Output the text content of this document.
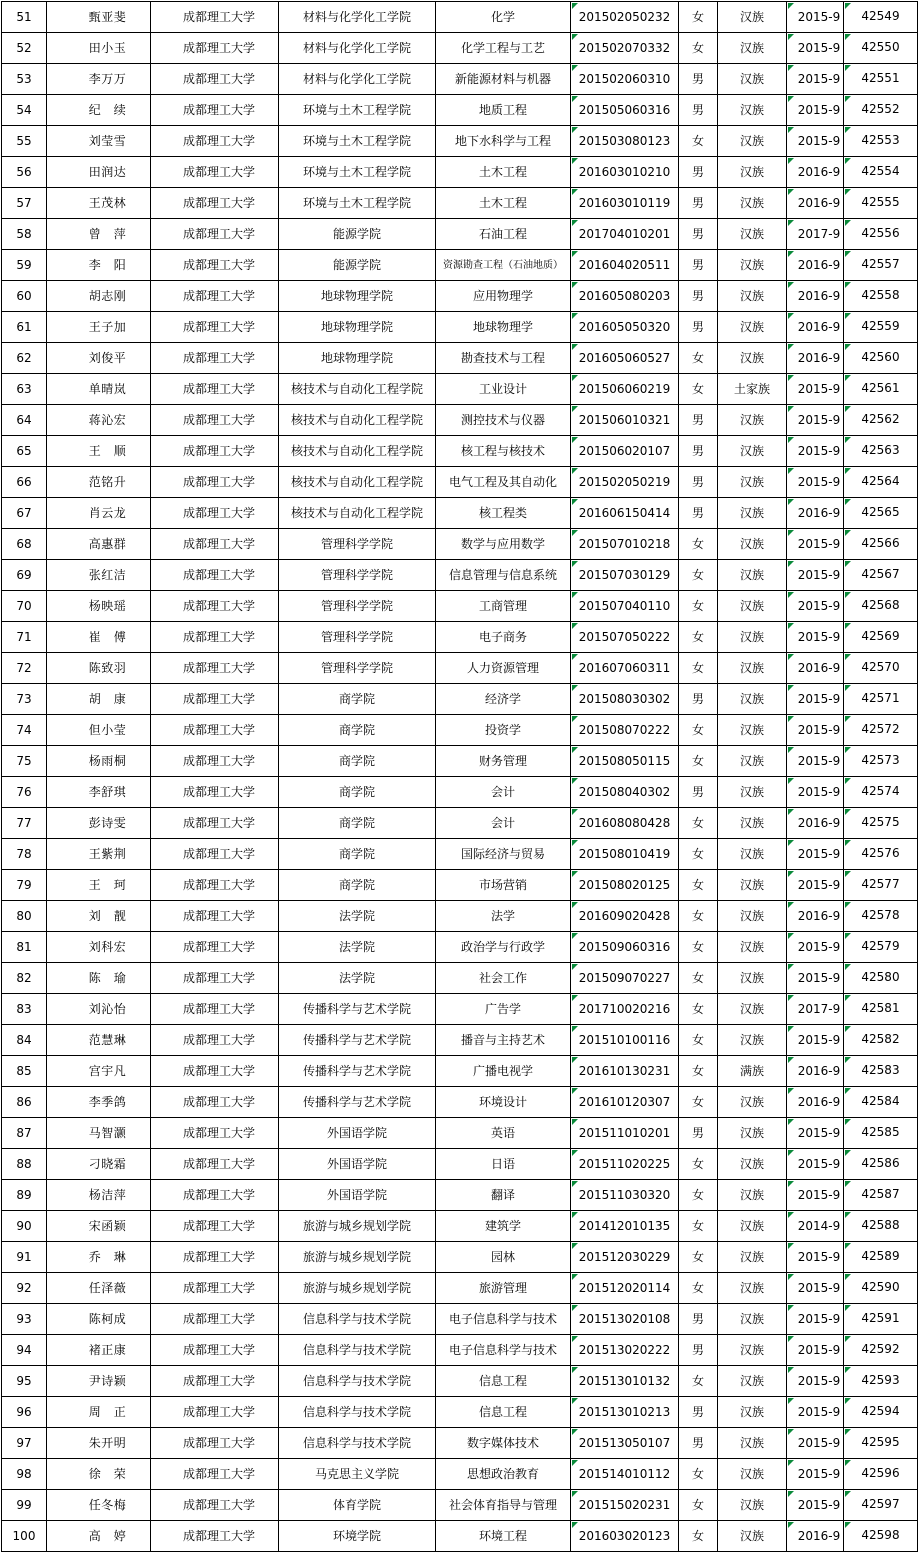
51	甄亚斐	成都理工大学	材料与化学化工学院	化学	201502050232	女	汉族	2015-9	42549

52	田小玉	成都理工大学	材料与化学化工学院	化学工程与工艺	201502070332	女	汉族	2015-9	42550

53	李万万	成都理工大学	材料与化学化工学院	新能源材料与机器	201502060310	男	汉族	2015-9	42551

54	纪　续	成都理工大学	环境与土木工程学院	地质工程	201505060316	男	汉族	2015-9	42552

55	刘莹雪	成都理工大学	环境与土木工程学院	地下水科学与工程	201503080123	女	汉族	2015-9	42553

56	田润达	成都理工大学	环境与土木工程学院	土木工程	201603010210	男	汉族	2016-9	42554

57	王茂林	成都理工大学	环境与土木工程学院	土木工程	201603010119	男	汉族	2016-9	42555

58	曾　萍	成都理工大学	能源学院	石油工程	201704010201	男	汉族	2017-9	42556

59	李　阳	成都理工大学	能源学院	资源勘查工程（石油地质）	201604020511	男	汉族	2016-9	42557

60	胡志刚	成都理工大学	地球物理学院	应用物理学	201605080203	男	汉族	2016-9	42558

61	王子加	成都理工大学	地球物理学院	地球物理学	201605050320	男	汉族	2016-9	42559

62	刘俊平	成都理工大学	地球物理学院	勘查技术与工程	201605060527	女	汉族	2016-9	42560

63	单晴岚	成都理工大学	核技术与自动化工程学院	工业设计	201506060219	女	土家族	2015-9	42561

64	蒋沁宏	成都理工大学	核技术与自动化工程学院	测控技术与仪器	201506010321	男	汉族	2015-9	42562

65	王　顺	成都理工大学	核技术与自动化工程学院	核工程与核技术	201506020107	男	汉族	2015-9	42563

66	范铭升	成都理工大学	核技术与自动化工程学院	电气工程及其自动化	201502050219	男	汉族	2015-9	42564

67	肖云龙	成都理工大学	核技术与自动化工程学院	核工程类	201606150414	男	汉族	2016-9	42565

68	高惠群	成都理工大学	管理科学学院	数学与应用数学	201507010218	女	汉族	2015-9	42566

69	张红洁	成都理工大学	管理科学学院	信息管理与信息系统	201507030129	女	汉族	2015-9	42567

70	杨映瑶	成都理工大学	管理科学学院	工商管理	201507040110	女	汉族	2015-9	42568

71	崔　傅	成都理工大学	管理科学学院	电子商务	201507050222	女	汉族	2015-9	42569

72	陈致羽	成都理工大学	管理科学学院	人力资源管理	201607060311	女	汉族	2016-9	42570

73	胡　康	成都理工大学	商学院	经济学	201508030302	男	汉族	2015-9	42571

74	但小莹	成都理工大学	商学院	投资学	201508070222	女	汉族	2015-9	42572

75	杨雨桐	成都理工大学	商学院	财务管理	201508050115	女	汉族	2015-9	42573

76	李舒琪	成都理工大学	商学院	会计	201508040302	男	汉族	2015-9	42574

77	彭诗雯	成都理工大学	商学院	会计	201608080428	女	汉族	2016-9	42575

78	王紫荆	成都理工大学	商学院	国际经济与贸易	201508010419	女	汉族	2015-9	42576

79	王　珂	成都理工大学	商学院	市场营销	201508020125	女	汉族	2015-9	42577

80	刘　靓	成都理工大学	法学院	法学	201609020428	女	汉族	2016-9	42578

81	刘科宏	成都理工大学	法学院	政治学与行政学	201509060316	女	汉族	2015-9	42579

82	陈　瑜	成都理工大学	法学院	社会工作	201509070227	女	汉族	2015-9	42580

83	刘沁怡	成都理工大学	传播科学与艺术学院	广告学	201710020216	女	汉族	2017-9	42581

84	范慧琳	成都理工大学	传播科学与艺术学院	播音与主持艺术	201510100116	女	汉族	2015-9	42582

85	宫宇凡	成都理工大学	传播科学与艺术学院	广播电视学	201610130231	女	满族	2016-9	42583

86	李季鸽	成都理工大学	传播科学与艺术学院	环境设计	201610120307	女	汉族	2016-9	42584

87	马智灏	成都理工大学	外国语学院	英语	201511010201	男	汉族	2015-9	42585

88	刁晓霜	成都理工大学	外国语学院	日语	201511020225	女	汉族	2015-9	42586

89	杨洁萍	成都理工大学	外国语学院	翻译	201511030320	女	汉族	2015-9	42587

90	宋函颖	成都理工大学	旅游与城乡规划学院	建筑学	201412010135	女	汉族	2014-9	42588

91	乔　琳	成都理工大学	旅游与城乡规划学院	园林	201512030229	女	汉族	2015-9	42589

92	任泽薇	成都理工大学	旅游与城乡规划学院	旅游管理	201512020114	女	汉族	2015-9	42590

93	陈柯成	成都理工大学	信息科学与技术学院	电子信息科学与技术	201513020108	男	汉族	2015-9	42591

94	褚正康	成都理工大学	信息科学与技术学院	电子信息科学与技术	201513020222	男	汉族	2015-9	42592

95	尹诗颖	成都理工大学	信息科学与技术学院	信息工程	201513010132	女	汉族	2015-9	42593

96	周　正	成都理工大学	信息科学与技术学院	信息工程	201513010213	男	汉族	2015-9	42594

97	朱开明	成都理工大学	信息科学与技术学院	数字媒体技术	201513050107	男	汉族	2015-9	42595

98	徐　荣	成都理工大学	马克思主义学院	思想政治教育	201514010112	女	汉族	2015-9	42596

99	任冬梅	成都理工大学	体育学院	社会体育指导与管理	201515020231	女	汉族	2015-9	42597

100	高　婷	成都理工大学	环境学院	环境工程	201603020123	女	汉族	2016-9	42598
